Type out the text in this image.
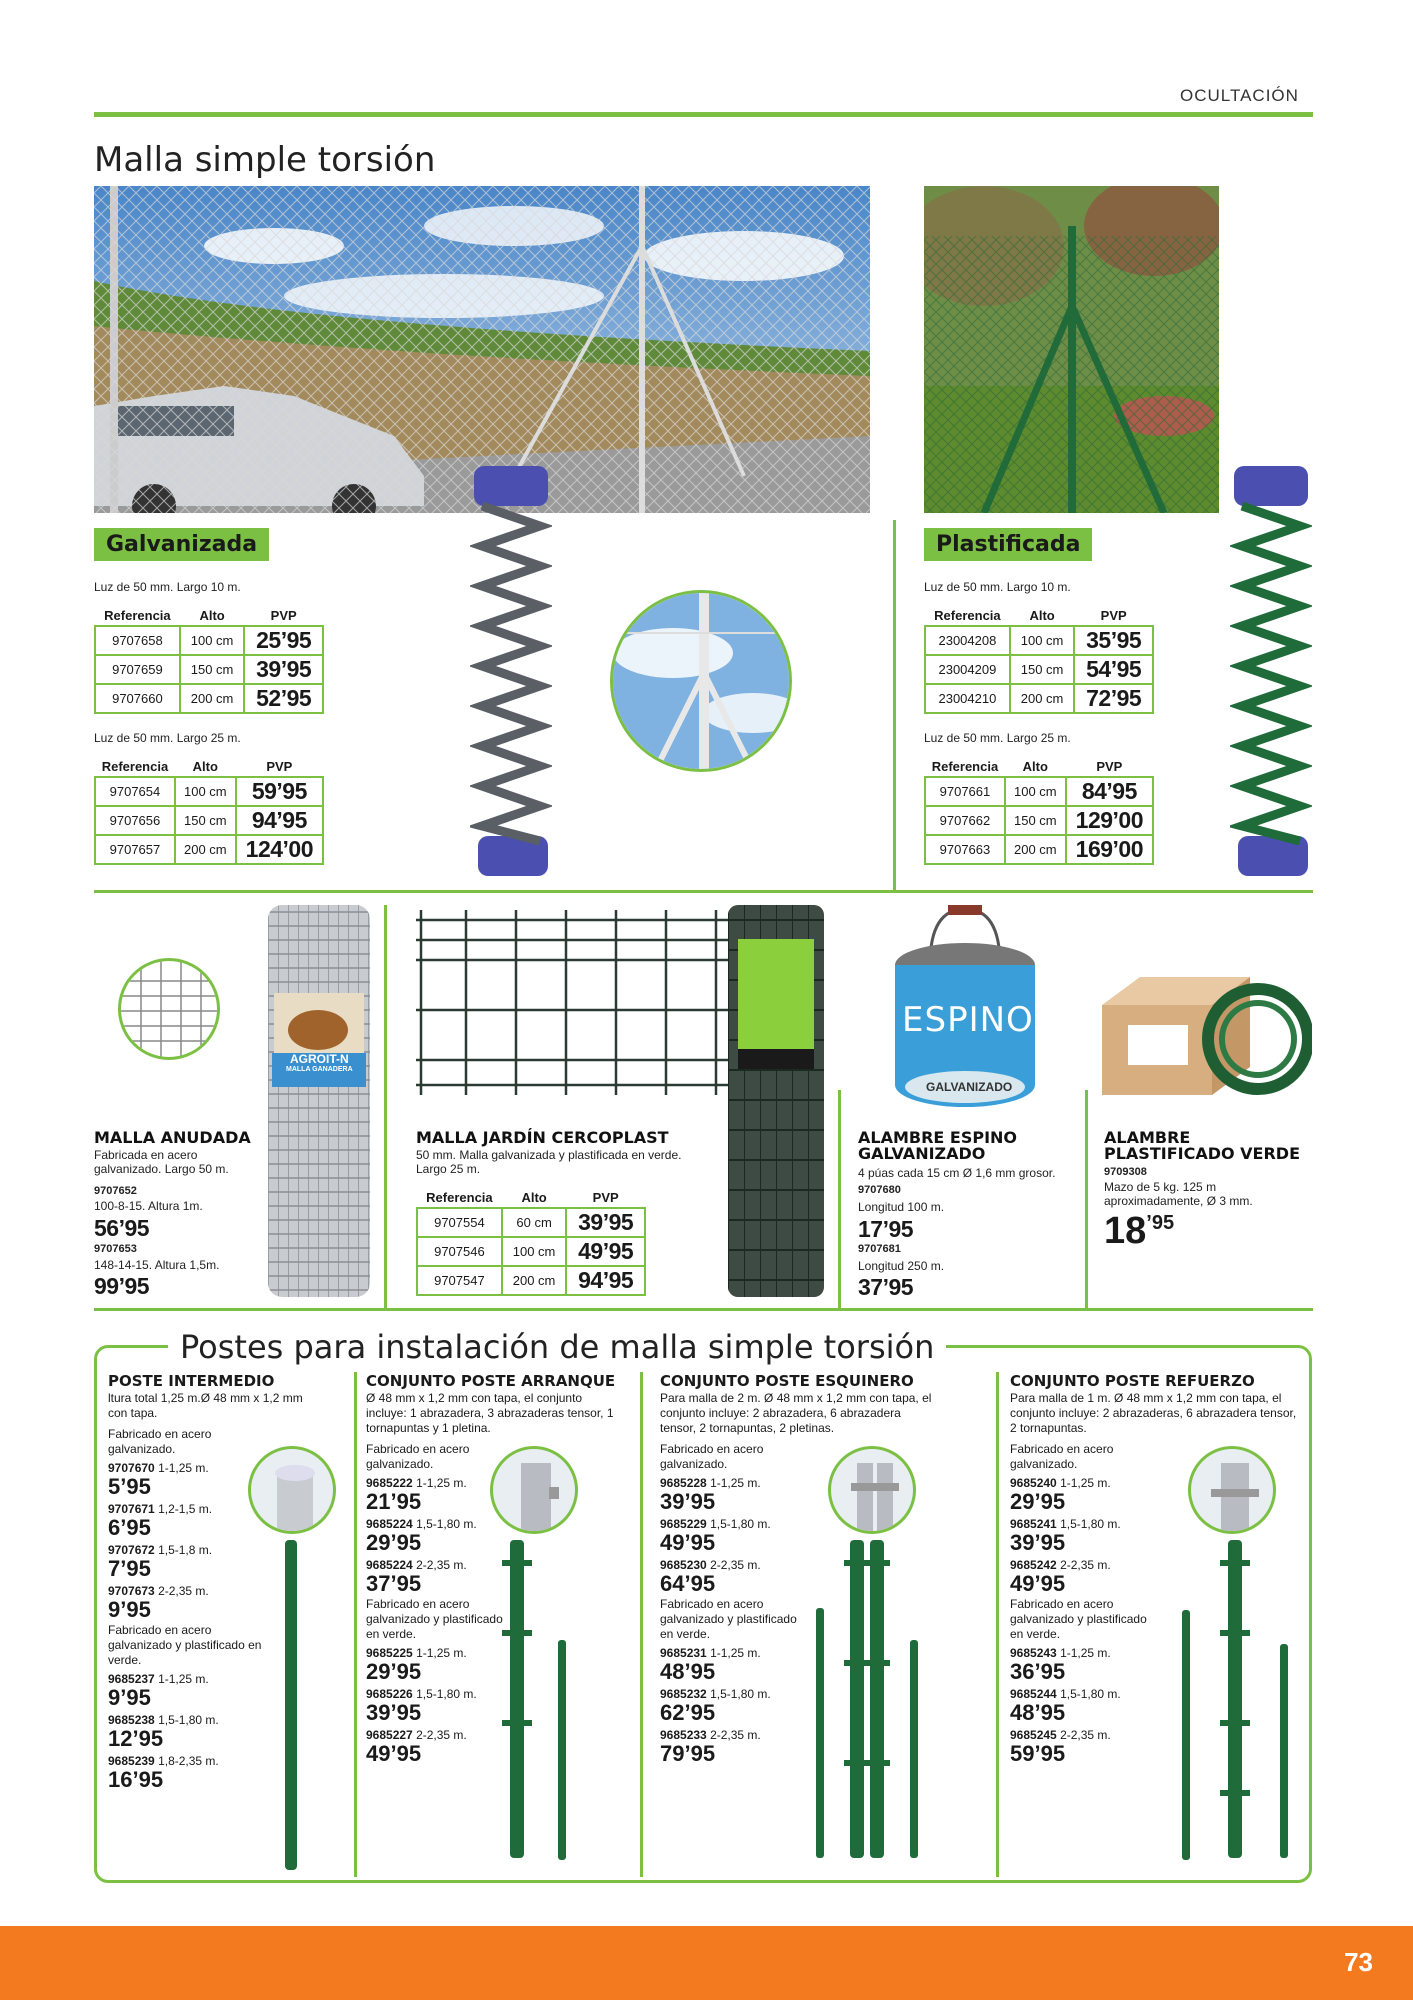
OCULTACIÓN
Malla simple torsión
Galvanizada
Luz de 50 mm. Largo 10 m.
Referencia	Alto	PVP
9707658	100 cm	25’95
9707659	150 cm	39’95
9707660	200 cm	52’95
Luz de 50 mm. Largo 25 m.
Referencia	Alto	PVP
9707654	100 cm	59’95
9707656	150 cm	94’95
9707657	200 cm	124’00
Plastificada
Luz de 50 mm. Largo 10 m.
Referencia	Alto	PVP
23004208	100 cm	35’95
23004209	150 cm	54’95
23004210	200 cm	72’95
Luz de 50 mm. Largo 25 m.
Referencia	Alto	PVP
9707661	100 cm	84’95
9707662	150 cm	129’00
9707663	200 cm	169’00
AGROIT-N
MALLA GANADERA
MALLA ANUDADA
Fabricada en acero galvanizado. Largo 50 m.
9707652
100-8-15. Altura 1m.
56’95
9707653
148-14-15. Altura 1,5m.
99’95
MALLA JARDÍN CERCOPLAST
50 mm. Malla galvanizada y plastificada en verde. Largo 25 m.
Referencia	Alto	PVP
9707554	60 cm	39’95
9707546	100 cm	49’95
9707547	200 cm	94’95
ESPINO
GALVANIZADO
ALAMBRE ESPINO GALVANIZADO
4 púas cada 15 cm Ø 1,6 mm grosor.
9707680
Longitud 100 m.
17’95
9707681
Longitud 250 m.
37’95
ALAMBRE PLASTIFICADO VERDE
9709308
Mazo de 5 kg. 125 m aproximadamente, Ø 3 mm.
18’95
Postes para instalación de malla simple torsión
POSTE INTERMEDIO
ltura total 1,25 m.Ø 48 mm x 1,2 mm con tapa.
Fabricado en acero galvanizado.
9707670 1-1,25 m.
5’95
9707671 1,2-1,5 m.
6’95
9707672 1,5-1,8 m.
7’95
9707673 2-2,35 m.
9’95
Fabricado en acero galvanizado y plastificado en verde.
9685237 1-1,25 m.
9’95
9685238 1,5-1,80 m.
12’95
9685239 1,8-2,35 m.
16’95
CONJUNTO POSTE ARRANQUE
Ø 48 mm x 1,2 mm con tapa, el conjunto incluye: 1 abrazadera, 3 abrazaderas tensor, 1 tornapuntas y 1 pletina.
Fabricado en acero galvanizado.
9685222 1-1,25 m.
21’95
9685224 1,5-1,80 m.
29’95
9685224 2-2,35 m.
37’95
Fabricado en acero galvanizado y plastificado en verde.
9685225 1-1,25 m.
29’95
9685226 1,5-1,80 m.
39’95
9685227 2-2,35 m.
49’95
CONJUNTO POSTE ESQUINERO
Para malla de 2 m. Ø 48 mm x 1,2 mm con tapa, el conjunto incluye: 2 abrazadera, 6 abrazadera tensor, 2 tornapuntas, 2 pletinas.
Fabricado en acero galvanizado.
9685228 1-1,25 m.
39’95
9685229 1,5-1,80 m.
49’95
9685230 2-2,35 m.
64’95
Fabricado en acero galvanizado y plastificado en verde.
9685231 1-1,25 m.
48’95
9685232 1,5-1,80 m.
62’95
9685233 2-2,35 m.
79’95
CONJUNTO POSTE REFUERZO
Para malla de 1 m. Ø 48 mm x 1,2 mm con tapa, el conjunto incluye: 2 abrazaderas, 6 abrazadera tensor, 2 tornapuntas.
Fabricado en acero galvanizado.
9685240 1-1,25 m.
29’95
9685241 1,5-1,80 m.
39’95
9685242 2-2,35 m.
49’95
Fabricado en acero galvanizado y plastificado en verde.
9685243 1-1,25 m.
36’95
9685244 1,5-1,80 m.
48’95
9685245 2-2,35 m.
59’95
73
